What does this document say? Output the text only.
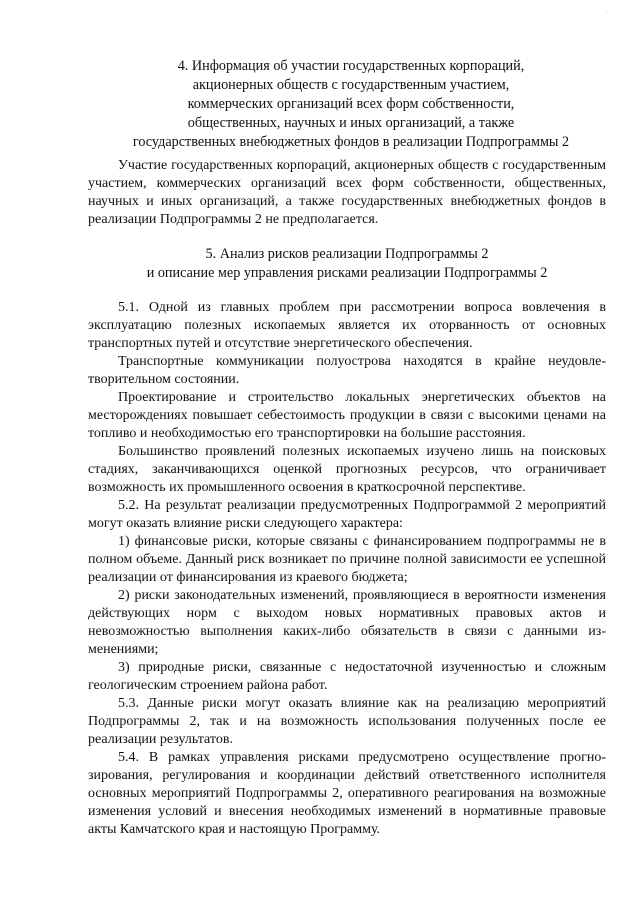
·
4. Информация об участии государственных корпораций,
акционерных обществ с государственным участием,
коммерческих организаций всех форм собственности,
общественных, научных и иных организаций, а также
государственных внебюджетных фондов в реализации Подпрограммы 2

Участие государственных корпораций, акционерных обществ с государственным участием, коммерческих организаций всех форм собственности, общественных, научных и иных организаций, а также государственных внебюджетных фондов в реализации Подпрограммы 2 не предполагается.

5. Анализ рисков реализации Подпрограммы 2
и описание мер управления рисками реализации Подпрограммы 2

5.1. Одной из главных проблем при рассмотрении вопроса вовлечения в эксплуатацию полезных ископаемых является их оторванность от основных транспортных путей и отсутствие энергетического обеспечения.

Транспортные коммуникации полуострова находятся в крайне неудовлетворительном состоянии.

Проектирование и строительство локальных энергетических объектов на месторождениях повышает себестоимость продукции в связи с высокими ценами на топливо и необходимостью его транспортировки на большие расстояния.

Большинство проявлений полезных ископаемых изучено лишь на поисковых стадиях, заканчивающихся оценкой прогнозных ресурсов, что ограничивает возможность их промышленного освоения в краткосрочной перспективе.

5.2. На результат реализации предусмотренных Подпрограммой 2 мероприятий могут оказать влияние риски следующего характера:

1) финансовые риски, которые связаны с финансированием подпрограммы не в полном объеме. Данный риск возникает по причине полной зависимости ее успешной реализации от финансирования из краевого бюджета;

2) риски законодательных изменений, проявляющиеся в вероятности изменения действующих норм с выходом новых нормативных правовых актов и невозможностью выполнения каких-либо обязательств в связи с данными изменениями;

3) природные риски, связанные с недостаточной изученностью и сложным геологическим строением района работ.

5.3. Данные риски могут оказать влияние как на реализацию мероприятий Подпрограммы 2, так и на возможность использования полученных после ее реализации результатов.

5.4. В рамках управления рисками предусмотрено осуществление прогнозирования, регулирования и координации действий ответственного исполнителя основных мероприятий Подпрограммы 2, оперативного реагирования на возможные изменения условий и внесения необходимых изменений в нормативные правовые акты Камчатского края и настоящую Программу.
